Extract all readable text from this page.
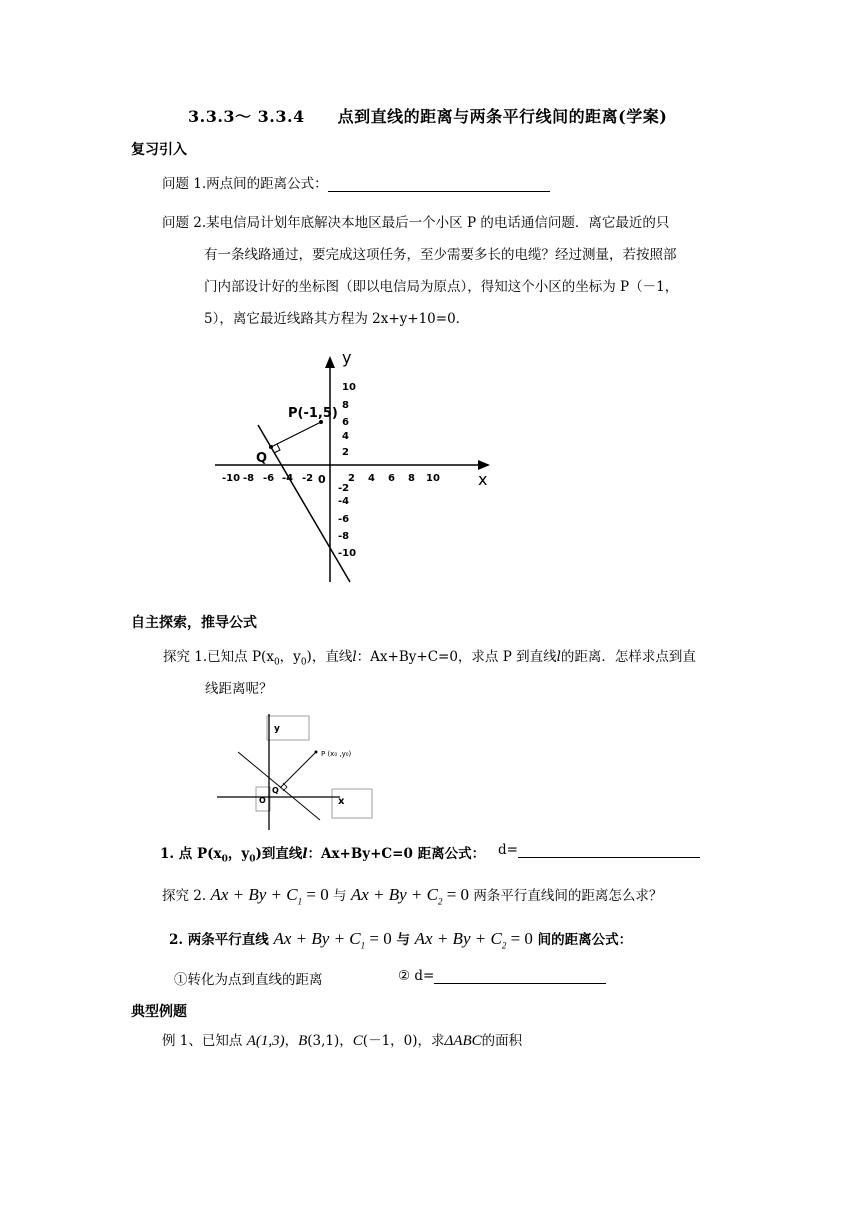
3.3.3～ 3.3.4　　点到直线的距离与两条平行线间的距离(学案)
复习引入
问题 1.两点间的距离公式：
问题 2.某电信局计划年底解决本地区最后一个小区 P 的电话通信问题．离它最近的只
有一条线路通过，要完成这项任务，至少需要多长的电缆？经过测量，若按照部
门内部设计好的坐标图（即以电信局为原点），得知这个小区的坐标为 P（－1，
5），离它最近线路其方程为 2x+y+10=0．
y
x
0
P(-1,5)
Q
-10 -8 -6 -4 -2	2 4 6 8 10
10
8
6
4
2
-2
-4
-6
-8
-10
自主探索，推导公式
探究 1.已知点 $P(x_0$，$y_0$)，直线l：Ax+By+C=0，求点 P 到直线l的距离．怎样求点到直
线距离呢？
y
x
O
Q
P (x₀ ,y₀)
1. 点 $P(x_0$，$y_0$)到直线l：Ax+By+C=0 距离公式： d=
探究 2. $Ax + By + C_1 = 0$ 与 $Ax + By + C_2 = 0$ 两条平行直线间的距离怎么求？
2. 两条平行直线 $Ax + By + C_1 = 0$ 与 $Ax + By + C_2 = 0$ 间的距离公式：
①转化为点到直线的距离	② d=
典型例题
例 1、已知点 A(1,3)，B(3,1)，C(－1，0)，求ΔABC的面积
